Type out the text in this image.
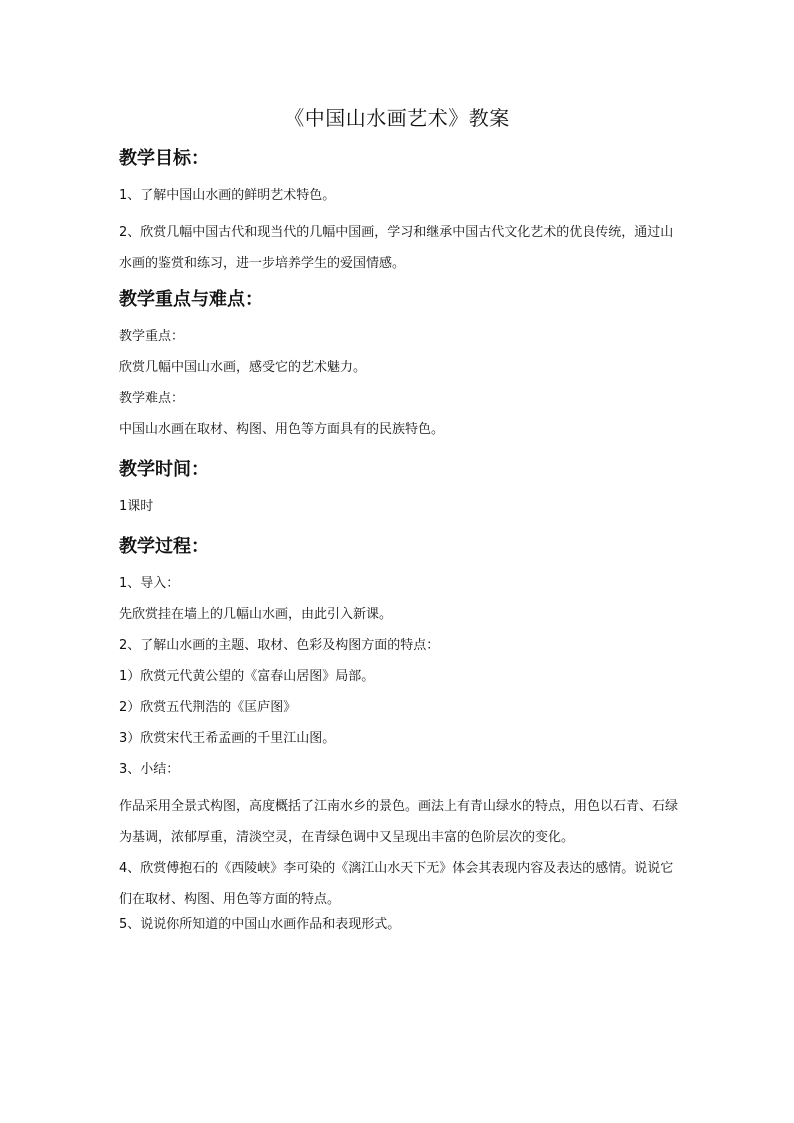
《中国山水画艺术》教案
教学目标：

1、了解中国山水画的鲜明艺术特色。

2、欣赏几幅中国古代和现当代的几幅中国画，学习和继承中国古代文化艺术的优良传统，通过山水画的鉴赏和练习，进一步培养学生的爱国情感。

教学重点与难点：

教学重点：

欣赏几幅中国山水画，感受它的艺术魅力。

教学难点：

中国山水画在取材、构图、用色等方面具有的民族特色。

教学时间：

1课时

教学过程：

1、导入：

先欣赏挂在墙上的几幅山水画，由此引入新课。

2、了解山水画的主题、取材、色彩及构图方面的特点：

1）欣赏元代黄公望的《富春山居图》局部。

2）欣赏五代荆浩的《匡庐图》

3）欣赏宋代王希孟画的千里江山图。

3、小结：

作品采用全景式构图，高度概括了江南水乡的景色。画法上有青山绿水的特点，用色以石青、石绿为基调，浓郁厚重，清淡空灵，在青绿色调中又呈现出丰富的色阶层次的变化。

4、欣赏傅抱石的《西陵峡》李可染的《漓江山水天下无》体会其表现内容及表达的感情。说说它们在取材、构图、用色等方面的特点。

5、说说你所知道的中国山水画作品和表现形式。
